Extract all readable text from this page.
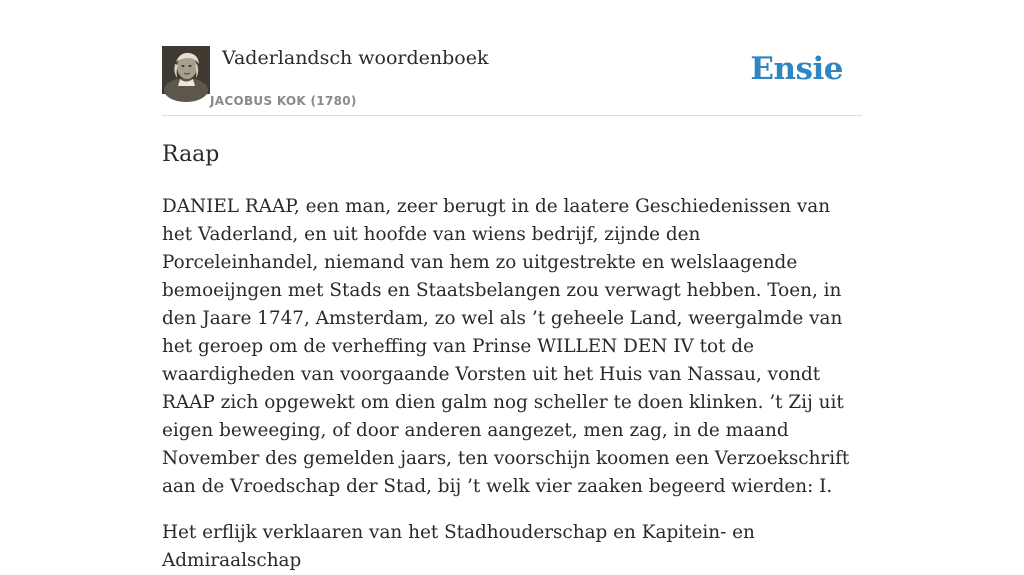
Vaderlandsch woordenboek
JACOBUS KOK (1780)
Ensie
Raap

DANIEL RAAP, een man, zeer berugt in de laatere Geschiedenissen van het Vaderland, en uit hoofde van wiens bedrijf, zijnde den Porceleinhandel, niemand van hem zo uitgestrekte en welslaagende bemoeijngen met Stads en Staatsbelangen zou verwagt hebben. Toen, in den Jaare 1747, Amsterdam, zo wel als ’t geheele Land, weergalmde van het geroep om de verheffing van Prinse WILLEN DEN IV tot de waardigheden van voorgaande Vorsten uit het Huis van Nassau, vondt RAAP zich opgewekt om dien galm nog scheller te doen klinken. ’t Zij uit eigen beweeging, of door anderen aangezet, men zag, in de maand November des gemelden jaars, ten voorschijn koomen een Verzoekschrift aan de Vroedschap der Stad, bij ’t welk vier zaaken begeerd wierden: I.

Het erflijk verklaaren van het Stadhouderschap en Kapitein- en Admiraalschap
